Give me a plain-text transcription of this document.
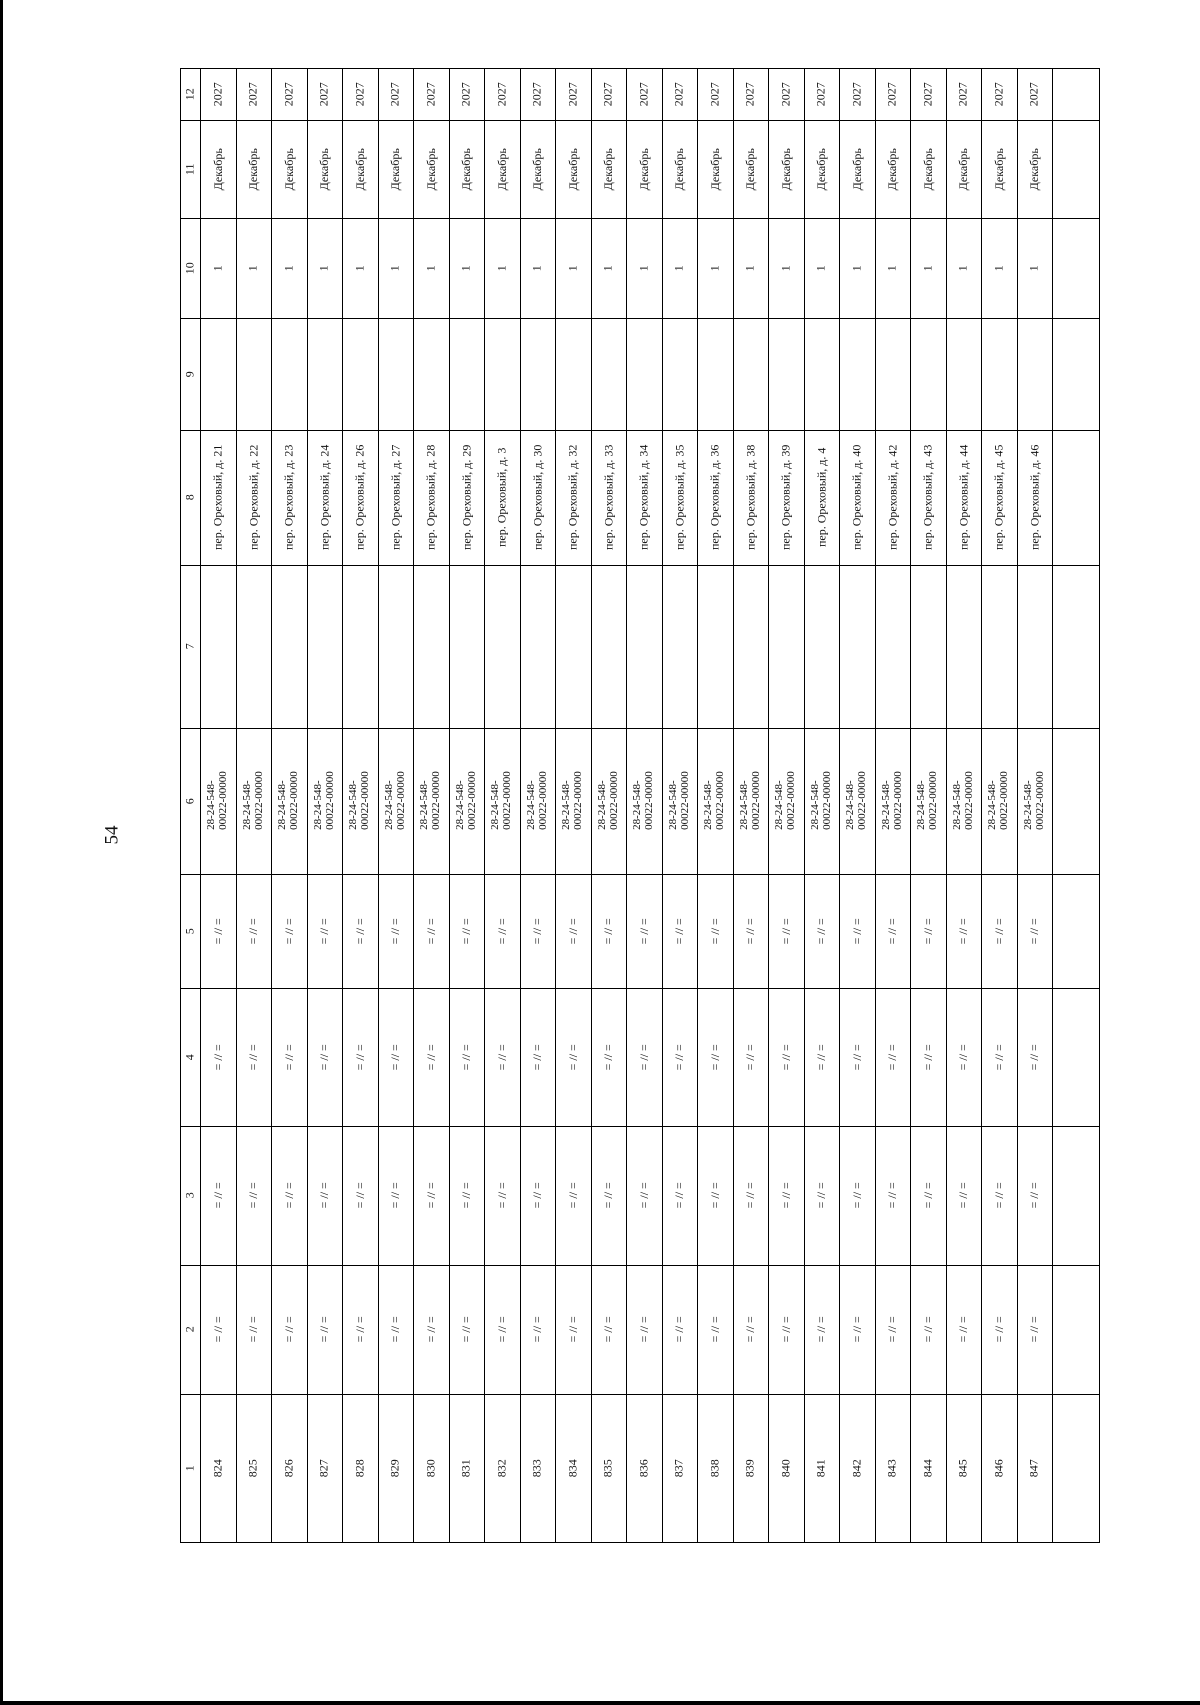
54
12
11
10
9
8
7
6
5
4
3
2
1
2027
Декабрь
1
пер. Ореховый, д. 21
28-24-548- 00022-00000
= // =
= // =
= // =
= // =
824
2027
Декабрь
1
пер. Ореховый, д. 22
28-24-548- 00022-00000
= // =
= // =
= // =
= // =
825
2027
Декабрь
1
пер. Ореховый, д. 23
28-24-548- 00022-00000
= // =
= // =
= // =
= // =
826
2027
Декабрь
1
пер. Ореховый, д. 24
28-24-548- 00022-00000
= // =
= // =
= // =
= // =
827
2027
Декабрь
1
пер. Ореховый, д. 26
28-24-548- 00022-00000
= // =
= // =
= // =
= // =
828
2027
Декабрь
1
пер. Ореховый, д. 27
28-24-548- 00022-00000
= // =
= // =
= // =
= // =
829
2027
Декабрь
1
пер. Ореховый, д. 28
28-24-548- 00022-00000
= // =
= // =
= // =
= // =
830
2027
Декабрь
1
пер. Ореховый, д. 29
28-24-548- 00022-00000
= // =
= // =
= // =
= // =
831
2027
Декабрь
1
пер. Ореховый, д. 3
28-24-548- 00022-00000
= // =
= // =
= // =
= // =
832
2027
Декабрь
1
пер. Ореховый, д. 30
28-24-548- 00022-00000
= // =
= // =
= // =
= // =
833
2027
Декабрь
1
пер. Ореховый, д. 32
28-24-548- 00022-00000
= // =
= // =
= // =
= // =
834
2027
Декабрь
1
пер. Ореховый, д. 33
28-24-548- 00022-00000
= // =
= // =
= // =
= // =
835
2027
Декабрь
1
пер. Ореховый, д. 34
28-24-548- 00022-00000
= // =
= // =
= // =
= // =
836
2027
Декабрь
1
пер. Ореховый, д. 35
28-24-548- 00022-00000
= // =
= // =
= // =
= // =
837
2027
Декабрь
1
пер. Ореховый, д. 36
28-24-548- 00022-00000
= // =
= // =
= // =
= // =
838
2027
Декабрь
1
пер. Ореховый, д. 38
28-24-548- 00022-00000
= // =
= // =
= // =
= // =
839
2027
Декабрь
1
пер. Ореховый, д. 39
28-24-548- 00022-00000
= // =
= // =
= // =
= // =
840
2027
Декабрь
1
пер. Ореховый, д. 4
28-24-548- 00022-00000
= // =
= // =
= // =
= // =
841
2027
Декабрь
1
пер. Ореховый, д. 40
28-24-548- 00022-00000
= // =
= // =
= // =
= // =
842
2027
Декабрь
1
пер. Ореховый, д. 42
28-24-548- 00022-00000
= // =
= // =
= // =
= // =
843
2027
Декабрь
1
пер. Ореховый, д. 43
28-24-548- 00022-00000
= // =
= // =
= // =
= // =
844
2027
Декабрь
1
пер. Ореховый, д. 44
28-24-548- 00022-00000
= // =
= // =
= // =
= // =
845
2027
Декабрь
1
пер. Ореховый, д. 45
28-24-548- 00022-00000
= // =
= // =
= // =
= // =
846
2027
Декабрь
1
пер. Ореховый, д. 46
28-24-548- 00022-00000
= // =
= // =
= // =
= // =
847
